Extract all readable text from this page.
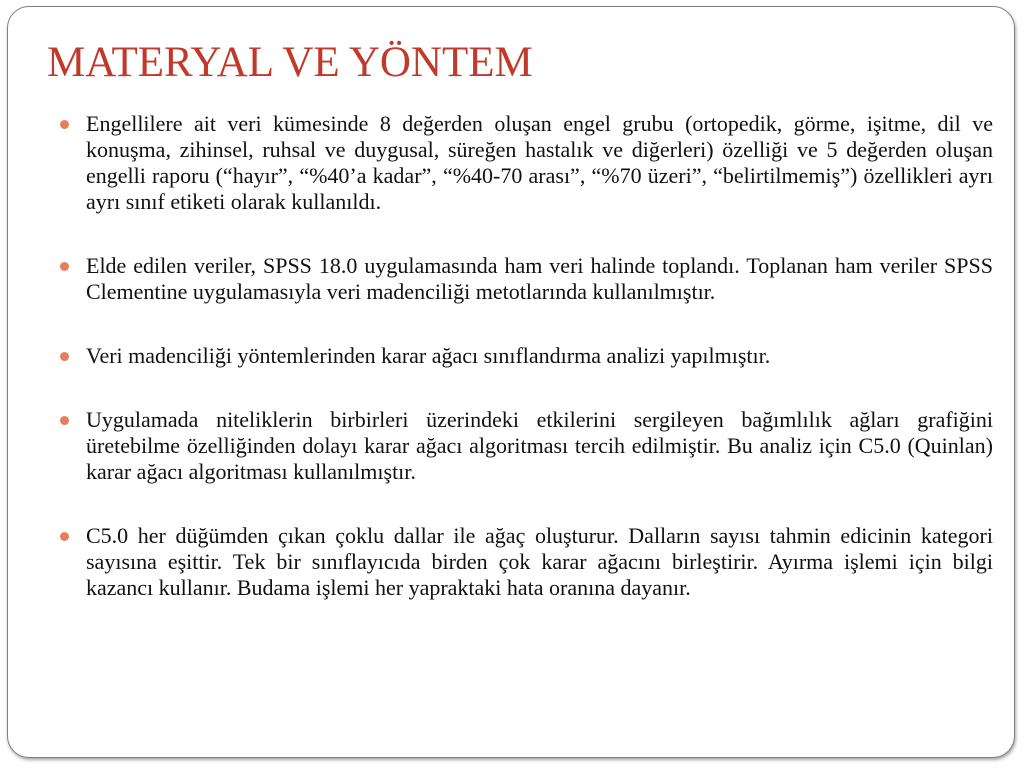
MATERYAL VE YÖNTEM
Engellilere ait veri kümesinde 8 değerden oluşan engel grubu (ortopedik, görme, işitme, dil ve konuşma, zihinsel, ruhsal ve duygusal, süreğen hastalık ve diğerleri) özelliği ve 5 değerden oluşan engelli raporu (“hayır”, “%40’a kadar”, “%40-70 arası”, “%70 üzeri”, “belirtilmemiş”) özellikleri ayrı ayrı sınıf etiketi olarak kullanıldı.
Elde edilen veriler, SPSS 18.0 uygulamasında ham veri halinde toplandı. Toplanan ham veriler SPSS Clementine uygulamasıyla veri madenciliği metotlarında kullanılmıştır.
Veri madenciliği yöntemlerinden karar ağacı sınıflandırma analizi yapılmıştır.
Uygulamada niteliklerin birbirleri üzerindeki etkilerini sergileyen bağımlılık ağları grafiğini üretebilme özelliğinden dolayı karar ağacı algoritması tercih edilmiştir. Bu analiz için C5.0 (Quinlan) karar ağacı algoritması kullanılmıştır.
C5.0 her düğümden çıkan çoklu dallar ile ağaç oluşturur. Dalların sayısı tahmin edicinin kategori sayısına eşittir. Tek bir sınıflayıcıda birden çok karar ağacını birleştirir. Ayırma işlemi için bilgi kazancı kullanır. Budama işlemi her yapraktaki hata oranına dayanır.
